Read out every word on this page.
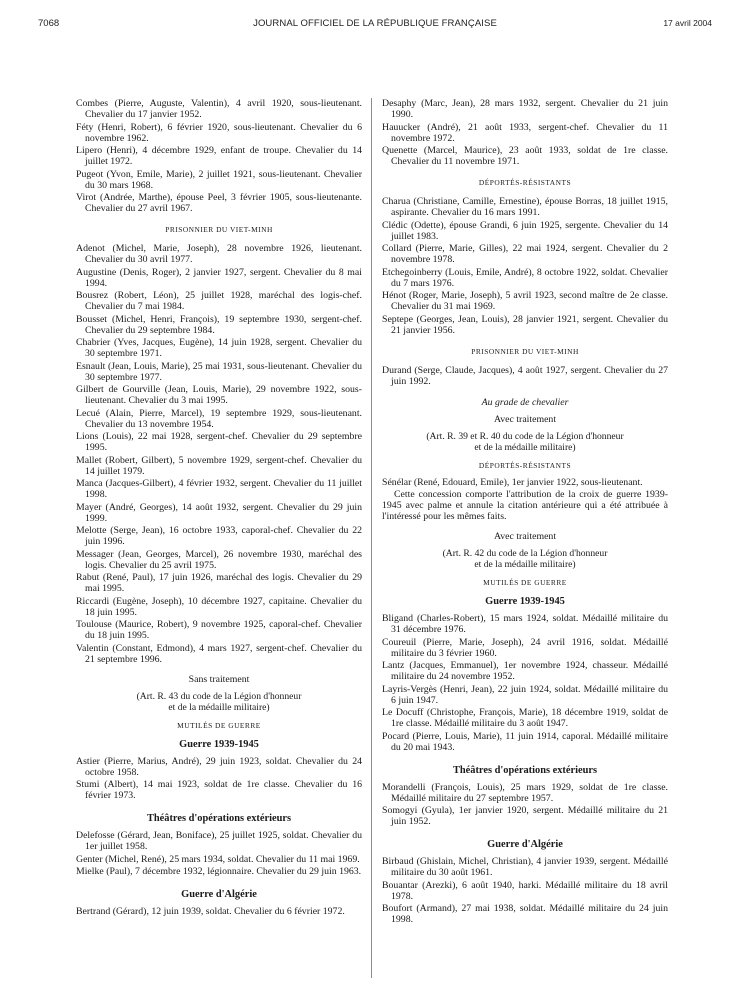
7068	JOURNAL OFFICIEL DE LA RÉPUBLIQUE FRANÇAISE	17 avril 2004

Combes (Pierre, Auguste, Valentin), 4 avril 1920, sous-lieutenant. Chevalier du 17 janvier 1952.

Féty (Henri, Robert), 6 février 1920, sous-lieutenant. Chevalier du 6 novembre 1962.

Lipero (Henri), 4 décembre 1929, enfant de troupe. Chevalier du 14 juillet 1972.

Pugeot (Yvon, Emile, Marie), 2 juillet 1921, sous-lieutenant. Chevalier du 30 mars 1968.

Virot (Andrée, Marthe), épouse Peel, 3 février 1905, sous-lieutenante. Chevalier du 27 avril 1967.

PRISONNIER DU VIET-MINH

Adenot (Michel, Marie, Joseph), 28 novembre 1926, lieutenant. Chevalier du 30 avril 1977.

Augustine (Denis, Roger), 2 janvier 1927, sergent. Chevalier du 8 mai 1994.

Bousrez (Robert, Léon), 25 juillet 1928, maréchal des logis-chef. Chevalier du 7 mai 1984.

Bousset (Michel, Henri, François), 19 septembre 1930, sergent-chef. Chevalier du 29 septembre 1984.

Chabrier (Yves, Jacques, Eugène), 14 juin 1928, sergent. Chevalier du 30 septembre 1971.

Esnault (Jean, Louis, Marie), 25 mai 1931, sous-lieutenant. Chevalier du 30 septembre 1977.

Gilbert de Gourville (Jean, Louis, Marie), 29 novembre 1922, sous-lieutenant. Chevalier du 3 mai 1995.

Lecué (Alain, Pierre, Marcel), 19 septembre 1929, sous-lieutenant. Chevalier du 13 novembre 1954.

Lions (Louis), 22 mai 1928, sergent-chef. Chevalier du 29 septembre 1995.

Mallet (Robert, Gilbert), 5 novembre 1929, sergent-chef. Chevalier du 14 juillet 1979.

Manca (Jacques-Gilbert), 4 février 1932, sergent. Chevalier du 11 juillet 1998.

Mayer (André, Georges), 14 août 1932, sergent. Chevalier du 29 juin 1999.

Melotte (Serge, Jean), 16 octobre 1933, caporal-chef. Chevalier du 22 juin 1996.

Messager (Jean, Georges, Marcel), 26 novembre 1930, maréchal des logis. Chevalier du 25 avril 1975.

Rabut (René, Paul), 17 juin 1926, maréchal des logis. Chevalier du 29 mai 1995.

Riccardi (Eugène, Joseph), 10 décembre 1927, capitaine. Chevalier du 18 juin 1995.

Toulouse (Maurice, Robert), 9 novembre 1925, caporal-chef. Chevalier du 18 juin 1995.

Valentin (Constant, Edmond), 4 mars 1927, sergent-chef. Chevalier du 21 septembre 1996.

Sans traitement
(Art. R. 43 du code de la Légion d'honneur
et de la médaille militaire)
MUTILÉS DE GUERRE
Guerre 1939-1945

Astier (Pierre, Marius, André), 29 juin 1923, soldat. Chevalier du 24 octobre 1958.

Stumi (Albert), 14 mai 1923, soldat de 1re classe. Chevalier du 16 février 1973.

Théâtres d'opérations extérieurs

Delefosse (Gérard, Jean, Boniface), 25 juillet 1925, soldat. Chevalier du 1er juillet 1958.

Genter (Michel, René), 25 mars 1934, soldat. Chevalier du 11 mai 1969.

Mielke (Paul), 7 décembre 1932, légionnaire. Chevalier du 29 juin 1963.

Guerre d'Algérie

Bertrand (Gérard), 12 juin 1939, soldat. Chevalier du 6 février 1972.

Desaphy (Marc, Jean), 28 mars 1932, sergent. Chevalier du 21 juin 1990.

Hauucker (André), 21 août 1933, sergent-chef. Chevalier du 11 novembre 1972.

Quenette (Marcel, Maurice), 23 août 1933, soldat de 1re classe. Chevalier du 11 novembre 1971.

DÉPORTÉS-RÉSISTANTS

Charua (Christiane, Camille, Ernestine), épouse Borras, 18 juillet 1915, aspirante. Chevalier du 16 mars 1991.

Clédic (Odette), épouse Grandi, 6 juin 1925, sergente. Chevalier du 14 juillet 1983.

Collard (Pierre, Marie, Gilles), 22 mai 1924, sergent. Chevalier du 2 novembre 1978.

Etchegoinberry (Louis, Emile, André), 8 octobre 1922, soldat. Chevalier du 7 mars 1976.

Hénot (Roger, Marie, Joseph), 5 avril 1923, second maître de 2e classe. Chevalier du 31 mai 1969.

Septepe (Georges, Jean, Louis), 28 janvier 1921, sergent. Chevalier du 21 janvier 1956.

PRISONNIER DU VIET-MINH

Durand (Serge, Claude, Jacques), 4 août 1927, sergent. Chevalier du 27 juin 1992.

Au grade de chevalier
Avec traitement
(Art. R. 39 et R. 40 du code de la Légion d'honneur
et de la médaille militaire)
DÉPORTÉS-RÉSISTANTS

Sénélar (René, Edouard, Emile), 1er janvier 1922, sous-lieutenant.

Cette concession comporte l'attribution de la croix de guerre 1939-1945 avec palme et annule la citation antérieure qui a été attribuée à l'intéressé pour les mêmes faits.

Avec traitement
(Art. R. 42 du code de la Légion d'honneur
et de la médaille militaire)
MUTILÉS DE GUERRE
Guerre 1939-1945

Bligand (Charles-Robert), 15 mars 1924, soldat. Médaillé militaire du 31 décembre 1976.

Coureuil (Pierre, Marie, Joseph), 24 avril 1916, soldat. Médaillé militaire du 3 février 1960.

Lantz (Jacques, Emmanuel), 1er novembre 1924, chasseur. Médaillé militaire du 24 novembre 1952.

Layris-Vergès (Henri, Jean), 22 juin 1924, soldat. Médaillé militaire du 6 juin 1947.

Le Docuff (Christophe, François, Marie), 18 décembre 1919, soldat de 1re classe. Médaillé militaire du 3 août 1947.

Pocard (Pierre, Louis, Marie), 11 juin 1914, caporal. Médaillé militaire du 20 mai 1943.

Théâtres d'opérations extérieurs

Morandelli (François, Louis), 25 mars 1929, soldat de 1re classe. Médaillé militaire du 27 septembre 1957.

Somogyi (Gyula), 1er janvier 1920, sergent. Médaillé militaire du 21 juin 1952.

Guerre d'Algérie

Birbaud (Ghislain, Michel, Christian), 4 janvier 1939, sergent. Médaillé militaire du 30 août 1961.

Bouantar (Arezki), 6 août 1940, harki. Médaillé militaire du 18 avril 1978.

Boufort (Armand), 27 mai 1938, soldat. Médaillé militaire du 24 juin 1998.
